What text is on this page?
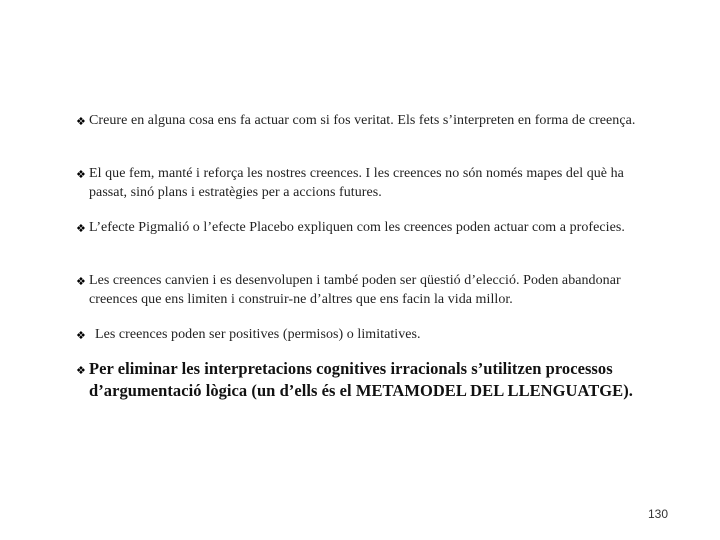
❖ Creure en alguna cosa ens fa actuar com si fos veritat. Els fets s’interpreten en forma de creença.
❖ El que fem, manté i reforça les nostres creences. I les creences no són només mapes del què ha passat, sinó plans i estratègies per a accions futures.
❖ L’efecte Pigmalió o l’efecte Placebo expliquen com les creences poden actuar com a profecies.
❖ Les creences canvien i es desenvolupen i també poden ser qüestió d’elecció. Poden abandonar creences que ens limiten i construir-ne d’altres que ens facin la vida millor.
❖ Les creences poden ser positives (permisos) o limitatives.
❖ Per eliminar les interpretacions cognitives irracionals s’utilitzen processos d’argumentació lògica (un d’ells és el METAMODEL DEL LLENGUATGE).
130
